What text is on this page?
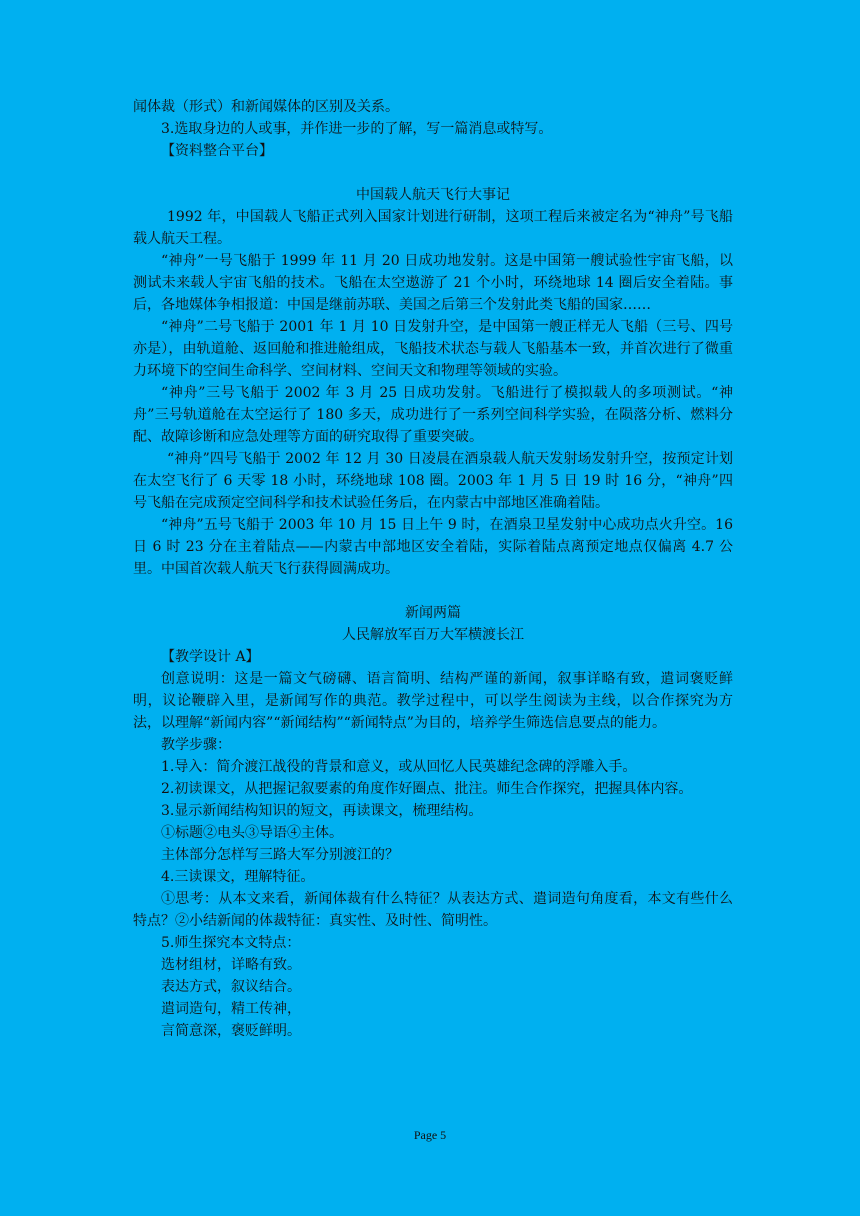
闻体裁（形式）和新闻媒体的区别及关系。

3.选取身边的人或事，并作进一步的了解，写一篇消息或特写。

【资料整合平台】

中国载人航天飞行大事记

1992 年，中国载人飞船正式列入国家计划进行研制，这项工程后来被定名为“神舟”号飞船载人航天工程。

“神舟”一号飞船于 1999 年 11 月 20 日成功地发射。这是中国第一艘试验性宇宙飞船，以测试未来载人宇宙飞船的技术。飞船在太空遨游了 21 个小时，环绕地球 14 圈后安全着陆。事后，各地媒体争相报道：中国是继前苏联、美国之后第三个发射此类飞船的国家……

“神舟”二号飞船于 2001 年 1 月 10 日发射升空，是中国第一艘正样无人飞船（三号、四号亦是），由轨道舱、返回舱和推进舱组成，飞船技术状态与载人飞船基本一致，并首次进行了微重力环境下的空间生命科学、空间材料、空间天文和物理等领域的实验。

“神舟”三号飞船于 2002 年 3 月 25 日成功发射。飞船进行了模拟载人的多项测试。“神舟”三号轨道舱在太空运行了 180 多天，成功进行了一系列空间科学实验，在陨落分析、燃料分配、故障诊断和应急处理等方面的研究取得了重要突破。

“神舟”四号飞船于 2002 年 12 月 30 日凌晨在酒泉载人航天发射场发射升空，按预定计划在太空飞行了 6 天零 18 小时，环绕地球 108 圈。2003 年 1 月 5 日 19 时 16 分，“神舟”四号飞船在完成预定空间科学和技术试验任务后，在内蒙古中部地区准确着陆。

“神舟”五号飞船于 2003 年 10 月 15 日上午 9 时，在酒泉卫星发射中心成功点火升空。16 日 6 时 23 分在主着陆点——内蒙古中部地区安全着陆，实际着陆点离预定地点仅偏离 4.7 公里。中国首次载人航天飞行获得圆满成功。

新闻两篇

人民解放军百万大军横渡长江

【教学设计 A】

创意说明：这是一篇文气磅礴、语言简明、结构严谨的新闻，叙事详略有致，遣词褒贬鲜明，议论鞭辟入里，是新闻写作的典范。教学过程中，可以学生阅读为主线，以合作探究为方法，以理解“新闻内容”“新闻结构”“新闻特点”为目的，培养学生筛选信息要点的能力。

教学步骤：

1.导入：简介渡江战役的背景和意义，或从回忆人民英雄纪念碑的浮雕入手。

2.初读课文，从把握记叙要素的角度作好圈点、批注。师生合作探究，把握具体内容。

3.显示新闻结构知识的短文，再读课文，梳理结构。

①标题②电头③导语④主体。

主体部分怎样写三路大军分别渡江的？

4.三读课文，理解特征。

①思考：从本文来看，新闻体裁有什么特征？从表达方式、遣词造句角度看，本文有些什么特点？②小结新闻的体裁特征：真实性、及时性、简明性。

5.师生探究本文特点：

选材组材，详略有致。

表达方式，叙议结合。

遣词造句，精工传神，

言简意深，褒贬鲜明。

Page 5
